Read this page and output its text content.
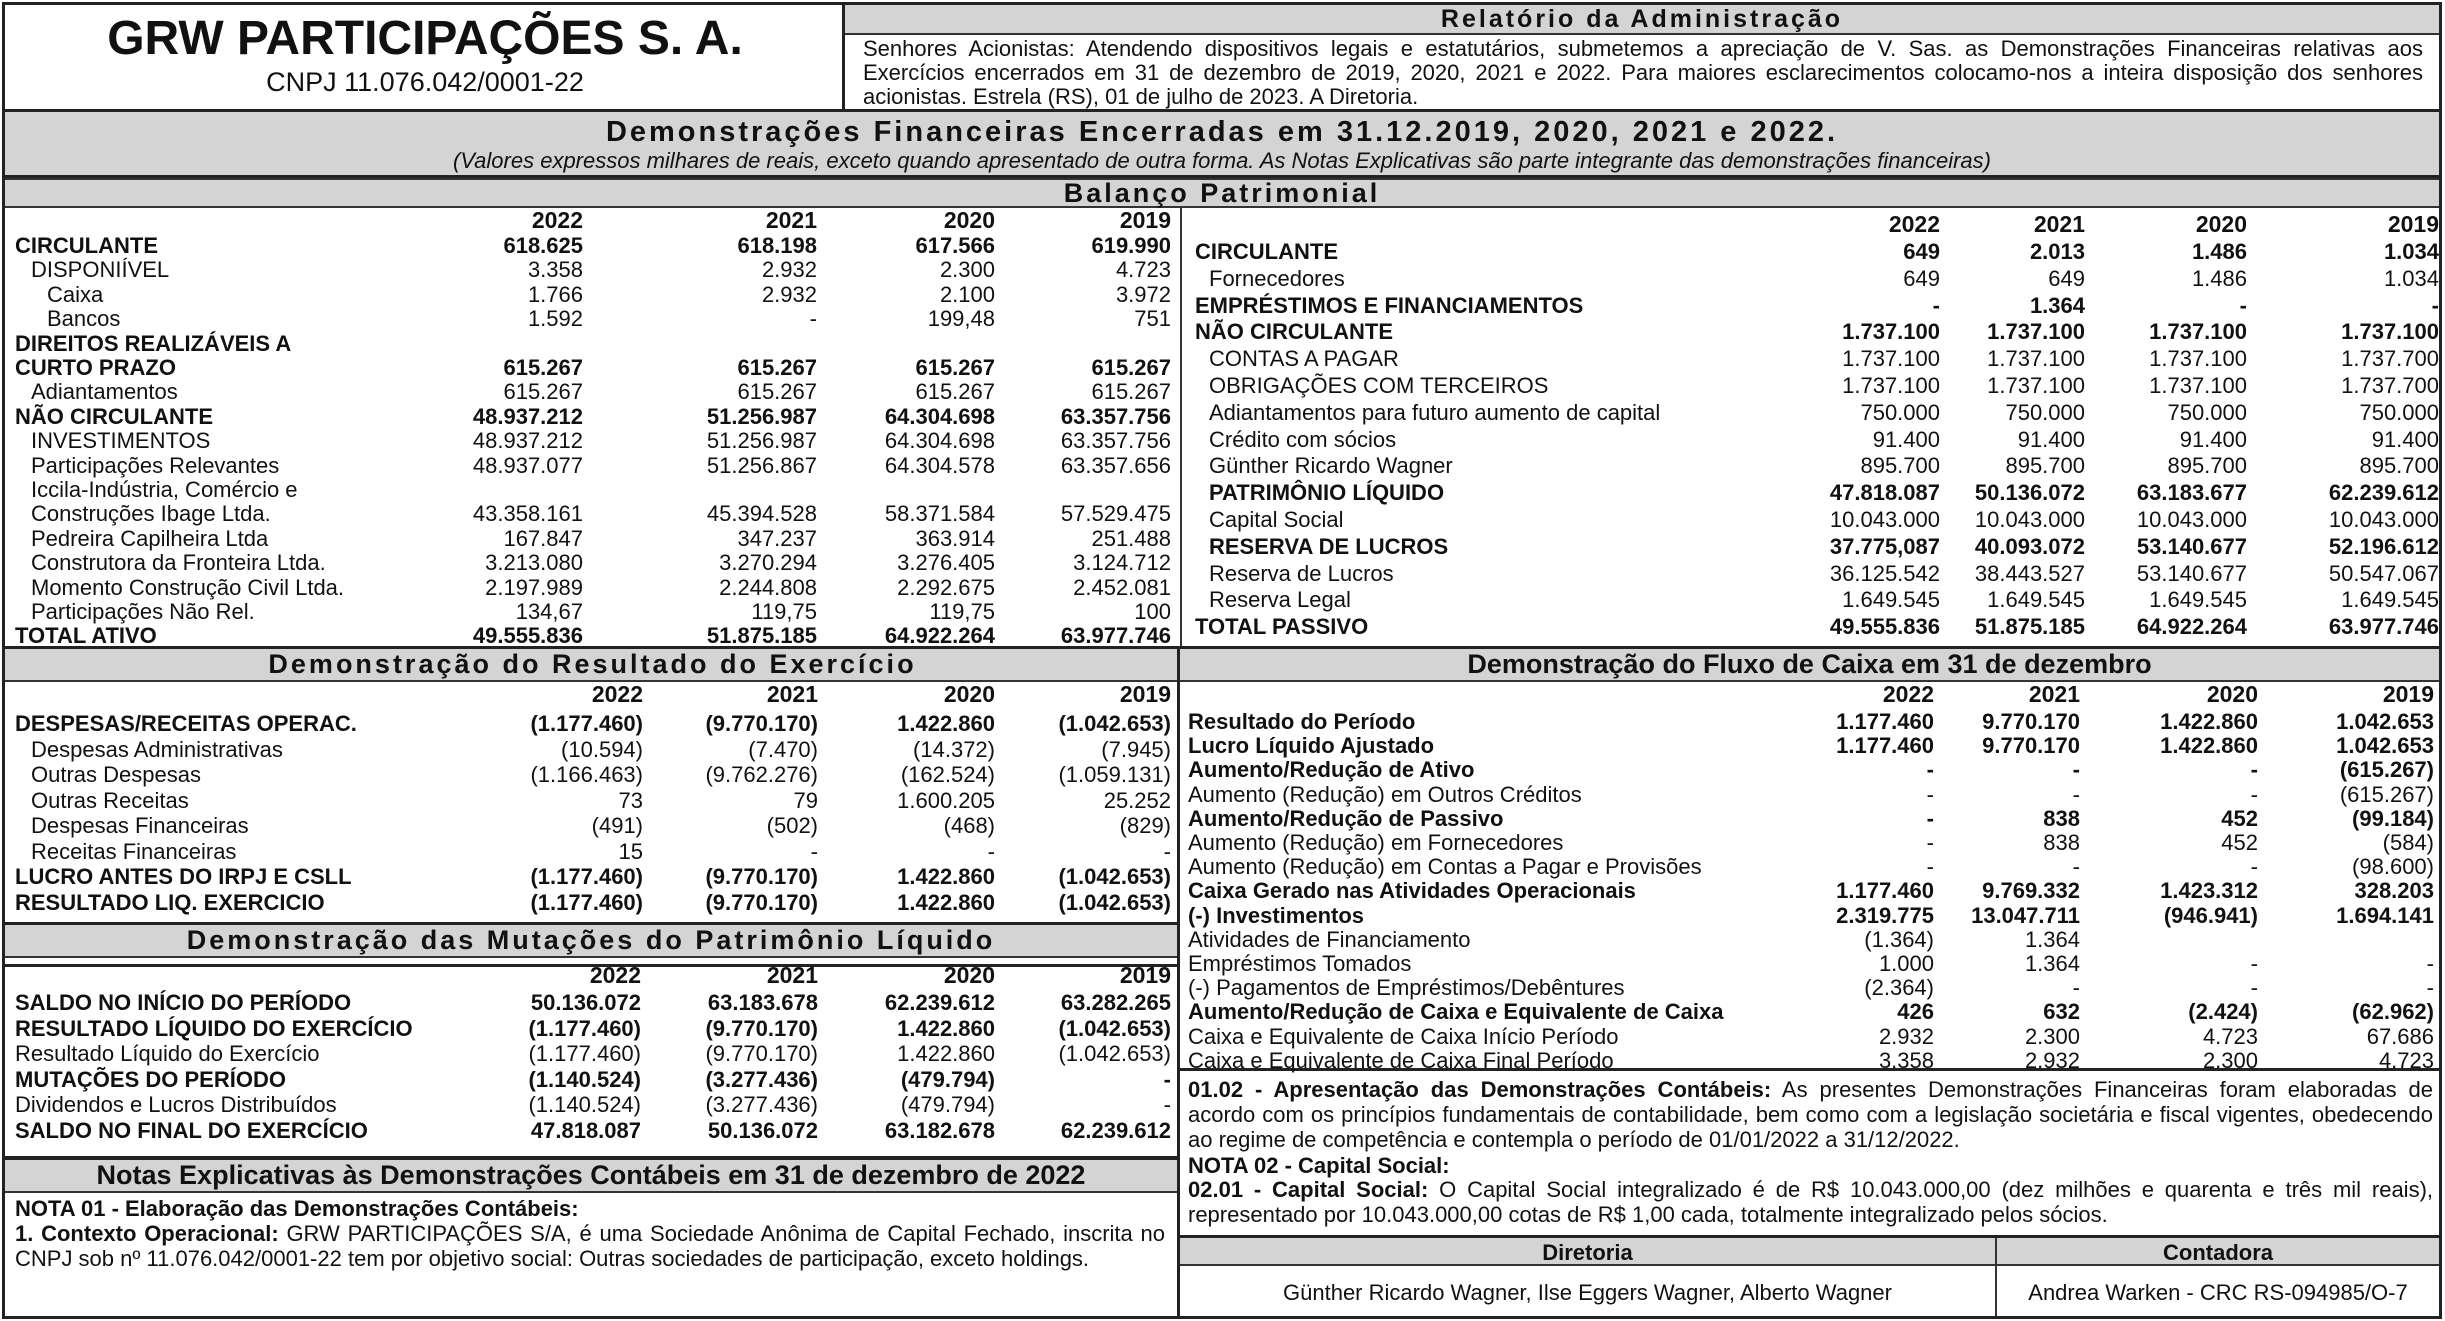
GRW PARTICIPAÇÕES S. A.
CNPJ 11.076.042/0001-22
Relatório da Administração
Senhores Acionistas: Atendendo dispositivos legais e estatutários, submetemos a apreciação de V. Sas. as Demonstrações Financeiras relativas aos Exercícios encerrados em 31 de dezembro de 2019, 2020, 2021 e 2022. Para maiores esclarecimentos colocamo-nos a inteira disposição dos senhores acionistas. Estrela (RS), 01 de julho de 2023. A Diretoria.
Demonstrações Financeiras Encerradas em 31.12.2019, 2020, 2021 e 2022.
(Valores expressos milhares de reais, exceto quando apresentado de outra forma. As Notas Explicativas são parte integrante das demonstrações financeiras)
Balanço Patrimonial
2022	2021	2020	2019
CIRCULANTE	618.625	618.198	617.566	619.990
DISPONIÍVEL	3.358	2.932	2.300	4.723
Caixa	1.766	2.932	2.100	3.972
Bancos	1.592	-	199,48	751
DIREITOS REALIZÁVEIS A
CURTO PRAZO	615.267	615.267	615.267	615.267
Adiantamentos	615.267	615.267	615.267	615.267
NÃO CIRCULANTE	48.937.212	51.256.987	64.304.698	63.357.756
INVESTIMENTOS	48.937.212	51.256.987	64.304.698	63.357.756
Participações Relevantes	48.937.077	51.256.867	64.304.578	63.357.656
Iccila-Indústria, Comércio e
Construções Ibage Ltda.	43.358.161	45.394.528	58.371.584	57.529.475
Pedreira Capilheira Ltda	167.847	347.237	363.914	251.488
Construtora da Fronteira Ltda.	3.213.080	3.270.294	3.276.405	3.124.712
Momento Construção Civil Ltda.	2.197.989	2.244.808	2.292.675	2.452.081
Participações Não Rel.	134,67	119,75	119,75	100
TOTAL ATIVO	49.555.836	51.875.185	64.922.264	63.977.746
2022	2021	2020	2019
CIRCULANTE	649	2.013	1.486	1.034
Fornecedores	649	649	1.486	1.034
EMPRÉSTIMOS E FINANCIAMENTOS	-	1.364	-	-
NÃO CIRCULANTE	1.737.100	1.737.100	1.737.100	1.737.100
CONTAS A PAGAR	1.737.100	1.737.100	1.737.100	1.737.700
OBRIGAÇÕES COM TERCEIROS	1.737.100	1.737.100	1.737.100	1.737.700
Adiantamentos para futuro aumento de capital	750.000	750.000	750.000	750.000
Crédito com sócios	91.400	91.400	91.400	91.400
Günther Ricardo Wagner	895.700	895.700	895.700	895.700
PATRIMÔNIO LÍQUIDO	47.818.087	50.136.072	63.183.677	62.239.612
Capital Social	10.043.000	10.043.000	10.043.000	10.043.000
RESERVA DE LUCROS	37.775,087	40.093.072	53.140.677	52.196.612
Reserva de Lucros	36.125.542	38.443.527	53.140.677	50.547.067
Reserva Legal	1.649.545	1.649.545	1.649.545	1.649.545
TOTAL PASSIVO	49.555.836	51.875.185	64.922.264	63.977.746
Demonstração do Resultado do Exercício
2022	2021	2020	2019
DESPESAS/RECEITAS OPERAC.	(1.177.460)	(9.770.170)	1.422.860	(1.042.653)
Despesas Administrativas	(10.594)	(7.470)	(14.372)	(7.945)
Outras Despesas	(1.166.463)	(9.762.276)	(162.524)	(1.059.131)
Outras Receitas	73	79	1.600.205	25.252
Despesas Financeiras	(491)	(502)	(468)	(829)
Receitas Financeiras	15	-	-	-
LUCRO ANTES DO IRPJ E CSLL	(1.177.460)	(9.770.170)	1.422.860	(1.042.653)
RESULTADO LIQ. EXERCICIO	(1.177.460)	(9.770.170)	1.422.860	(1.042.653)
Demonstração das Mutações do Patrimônio Líquido
2022	2021	2020	2019
SALDO NO INÍCIO DO PERÍODO	50.136.072	63.183.678	62.239.612	63.282.265
RESULTADO LÍQUIDO DO EXERCÍCIO	(1.177.460)	(9.770.170)	1.422.860	(1.042.653)
Resultado Líquido do Exercício	(1.177.460)	(9.770.170)	1.422.860	(1.042.653)
MUTAÇÕES DO PERÍODO	(1.140.524)	(3.277.436)	(479.794)	-
Dividendos e Lucros Distribuídos	(1.140.524)	(3.277.436)	(479.794)	-
SALDO NO FINAL DO EXERCÍCIO	47.818.087	50.136.072	63.182.678	62.239.612
Notas Explicativas às Demonstrações Contábeis em 31 de dezembro de 2022
NOTA 01 - Elaboração das Demonstrações Contábeis:
1. Contexto Operacional: GRW PARTICIPAÇÕES S/A, é uma Sociedade Anônima de Capital Fechado, inscrita no CNPJ sob nº 11.076.042/0001-22 tem por objetivo social: Outras sociedades de participação, exceto holdings.
Demonstração do Fluxo de Caixa em 31 de dezembro
2022	2021	2020	2019
Resultado do Período	1.177.460	9.770.170	1.422.860	1.042.653
Lucro Líquido Ajustado	1.177.460	9.770.170	1.422.860	1.042.653
Aumento/Redução de Ativo	-	-	-	(615.267)
Aumento (Redução) em Outros Créditos	-	-	-	(615.267)
Aumento/Redução de Passivo	-	838	452	(99.184)
Aumento (Redução) em Fornecedores	-	838	452	(584)
Aumento (Redução) em Contas a Pagar e Provisões	-	-	-	(98.600)
Caixa Gerado nas Atividades Operacionais	1.177.460	9.769.332	1.423.312	328.203
(-) Investimentos	2.319.775	13.047.711	(946.941)	1.694.141
Atividades de Financiamento	(1.364)	1.364
Empréstimos Tomados	1.000	1.364	-	-
(-) Pagamentos de Empréstimos/Debêntures	(2.364)	-	-	-
Aumento/Redução de Caixa e Equivalente de Caixa	426	632	(2.424)	(62.962)
Caixa e Equivalente de Caixa Início Período	2.932	2.300	4.723	67.686
Caixa e Equivalente de Caixa Final Período	3.358	2.932	2.300	4.723
01.02 - Apresentação das Demonstrações Contábeis: As presentes Demonstrações Financeiras foram elaboradas de acordo com os princípios fundamentais de contabilidade, bem como com a legislação societária e fiscal vigentes, obedecendo ao regime de competência e contempla o período de 01/01/2022 a 31/12/2022.
NOTA 02 - Capital Social:
02.01 - Capital Social: O Capital Social integralizado é de R$ 10.043.000,00 (dez milhões e quarenta e três mil reais), representado por 10.043.000,00 cotas de R$ 1,00 cada, totalmente integralizado pelos sócios.
Diretoria	Contadora
Günther Ricardo Wagner, Ilse Eggers Wagner, Alberto Wagner	Andrea Warken - CRC RS-094985/O-7
